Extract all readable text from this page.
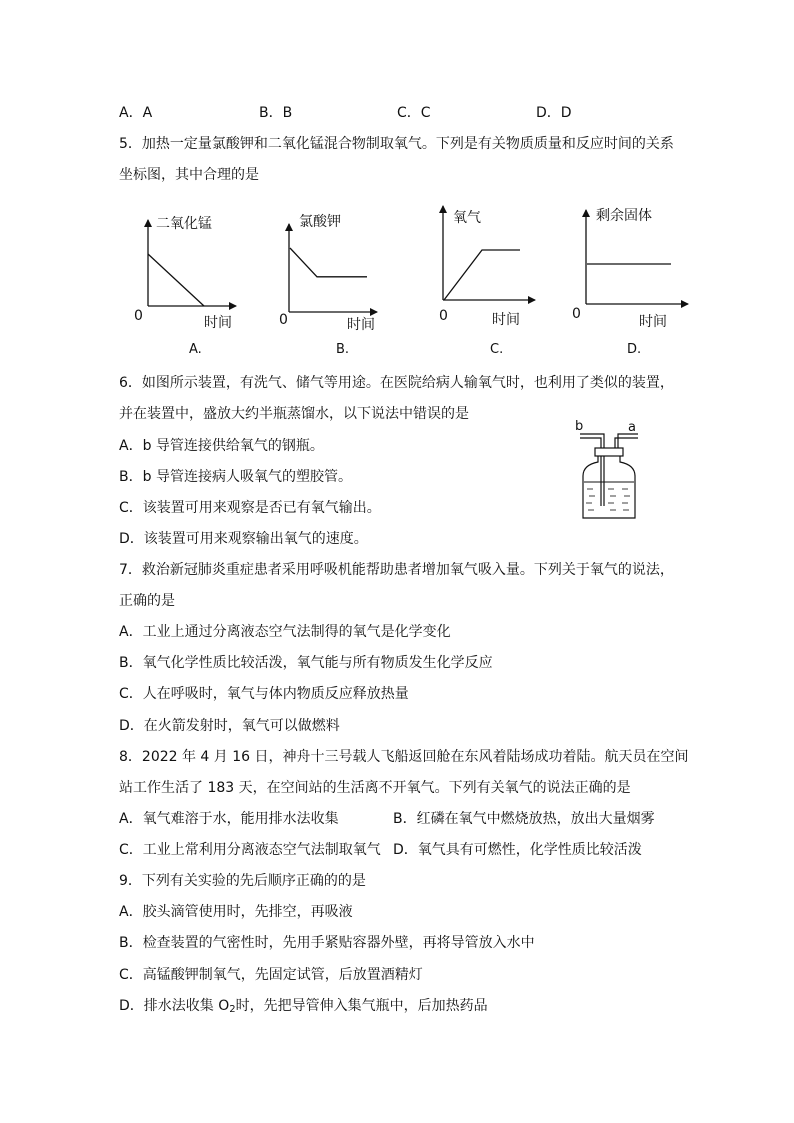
A．A	B．B	C．C	D．D
5．加热一定量氯酸钾和二氧化锰混合物制取氧气。下列是有关物质质量和反应时间的关系
坐标图，其中合理的是
二氧化锰
时间
0
A.
氯酸钾
时间
0
B.
氧气
时间
0
C.
剩余固体
时间
0
D.
6．如图所示装置，有洗气、储气等用途。在医院给病人输氧气时，也利用了类似的装置，
并在装置中，盛放大约半瓶蒸馏水，以下说法中错误的是
A．b 导管连接供给氧气的钢瓶。
B．b 导管连接病人吸氧气的塑胶管。
C．该装置可用来观察是否已有氧气输出。
D．该装置可用来观察输出氧气的速度。
b	a
7．救治新冠肺炎重症患者采用呼吸机能帮助患者增加氧气吸入量。下列关于氧气的说法，
正确的是
A．工业上通过分离液态空气法制得的氧气是化学变化
B．氧气化学性质比较活泼，氧气能与所有物质发生化学反应
C．人在呼吸时，氧气与体内物质反应释放热量
D．在火箭发射时，氧气可以做燃料
8．2022 年 4 月 16 日，神舟十三号载人飞船返回舱在东风着陆场成功着陆。航天员在空间
站工作生活了 183 天，在空间站的生活离不开氧气。下列有关氧气的说法正确的是
A．氧气难溶于水，能用排水法收集	B．红磷在氧气中燃烧放热，放出大量烟雾
C．工业上常利用分离液态空气法制取氧气 D．氧气具有可燃性，化学性质比较活泼
9．下列有关实验的先后顺序正确的的是
A．胶头滴管使用时，先排空，再吸液
B．检查装置的气密性时，先用手紧贴容器外壁，再将导管放入水中
C．高锰酸钾制氧气，先固定试管，后放置酒精灯
D．排水法收集 $O_2$时，先把导管伸入集气瓶中，后加热药品
